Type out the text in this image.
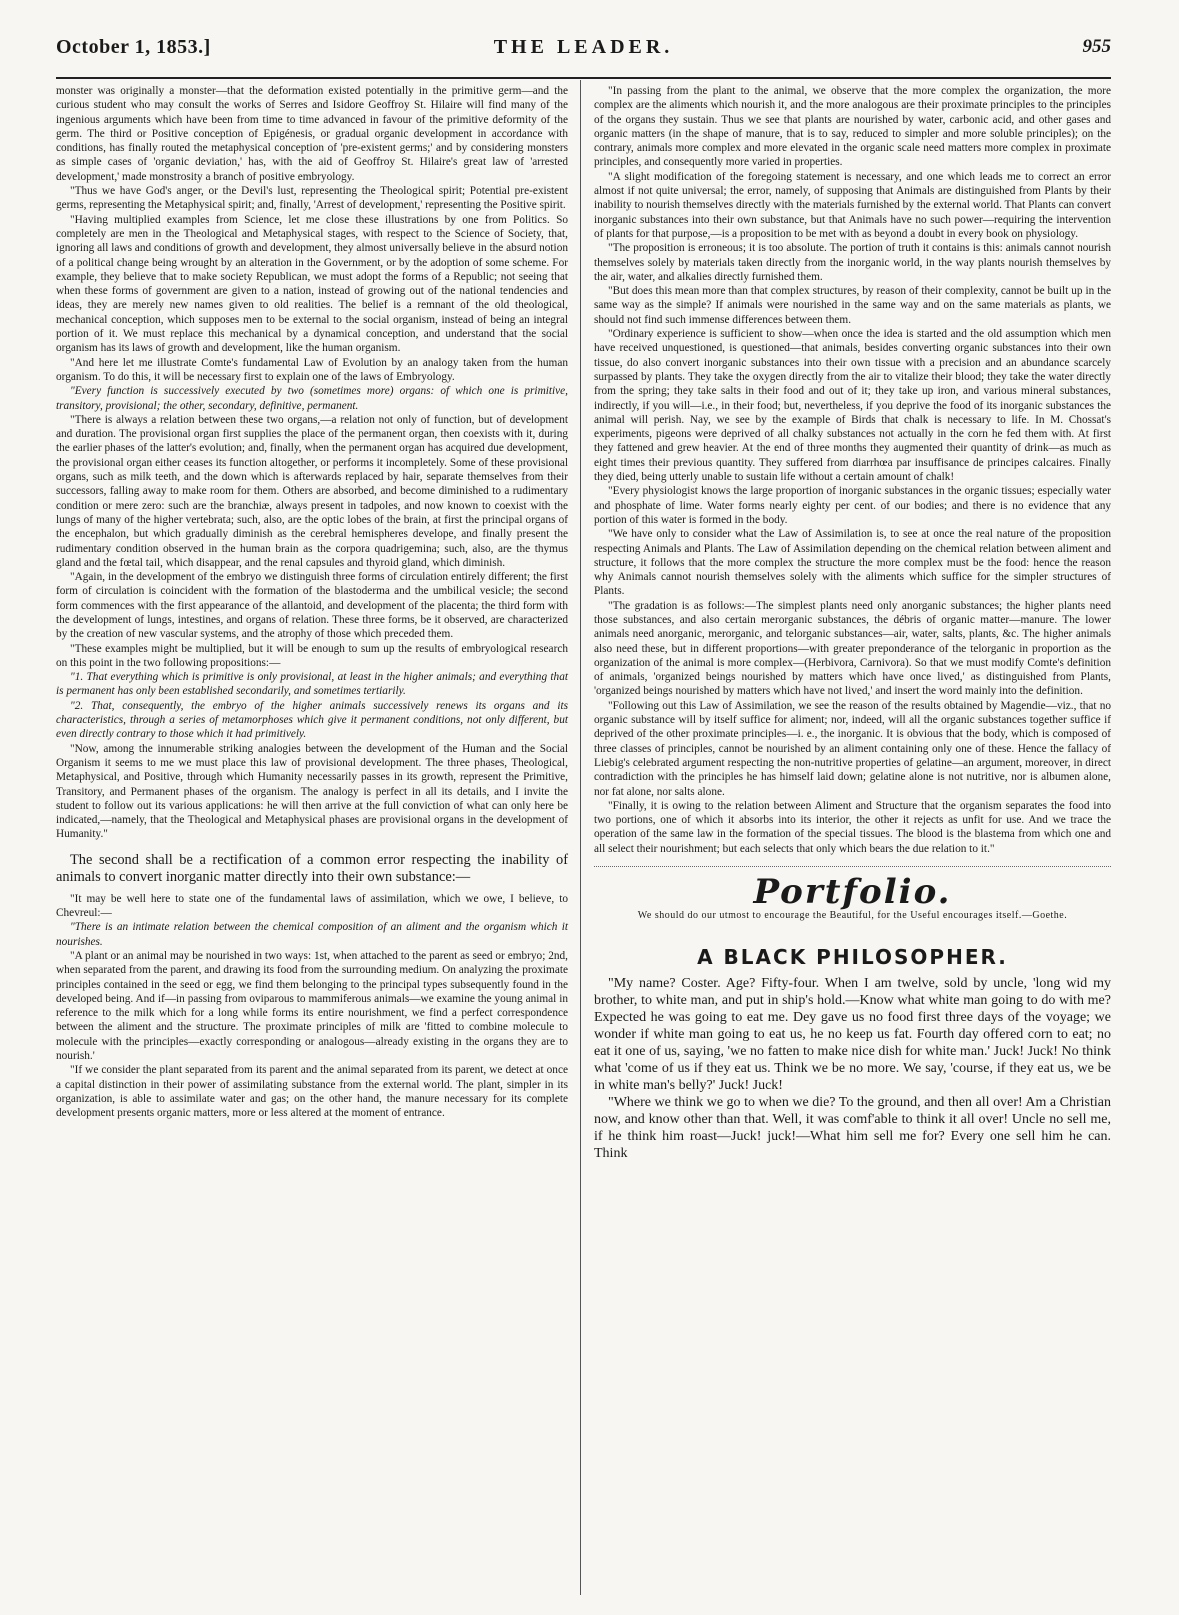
October 1, 1853.]	THE LEADER.	955

monster was originally a monster—that the deformation existed potentially in the primitive germ—and the curious student who may consult the works of Serres and Isidore Geoffroy St. Hilaire will find many of the ingenious arguments which have been from time to time advanced in favour of the primitive deformity of the germ. The third or Positive conception of Epigénesis, or gradual organic development in accordance with conditions, has finally routed the metaphysical conception of 'pre-existent germs;' and by considering monsters as simple cases of 'organic deviation,' has, with the aid of Geoffroy St. Hilaire's great law of 'arrested development,' made monstrosity a branch of positive embryology.

"Thus we have God's anger, or the Devil's lust, representing the Theological spirit; Potential pre-existent germs, representing the Metaphysical spirit; and, finally, 'Arrest of development,' representing the Positive spirit.

"Having multiplied examples from Science, let me close these illustrations by one from Politics. So completely are men in the Theological and Metaphysical stages, with respect to the Science of Society, that, ignoring all laws and conditions of growth and development, they almost universally believe in the absurd notion of a political change being wrought by an alteration in the Government, or by the adoption of some scheme. For example, they believe that to make society Republican, we must adopt the forms of a Republic; not seeing that when these forms of government are given to a nation, instead of growing out of the national tendencies and ideas, they are merely new names given to old realities. The belief is a remnant of the old theological, mechanical conception, which supposes men to be external to the social organism, instead of being an integral portion of it. We must replace this mechanical by a dynamical conception, and understand that the social organism has its laws of growth and development, like the human organism.

"And here let me illustrate Comte's fundamental Law of Evolution by an analogy taken from the human organism. To do this, it will be necessary first to explain one of the laws of Embryology.

"Every function is successively executed by two (sometimes more) organs: of which one is primitive, transitory, provisional; the other, secondary, definitive, permanent.

"There is always a relation between these two organs,—a relation not only of function, but of development and duration. The provisional organ first supplies the place of the permanent organ, then coexists with it, during the earlier phases of the latter's evolution; and, finally, when the permanent organ has acquired due development, the provisional organ either ceases its function altogether, or performs it incompletely. Some of these provisional organs, such as milk teeth, and the down which is afterwards replaced by hair, separate themselves from their successors, falling away to make room for them. Others are absorbed, and become diminished to a rudimentary condition or mere zero: such are the branchiæ, always present in tadpoles, and now known to coexist with the lungs of many of the higher vertebrata; such, also, are the optic lobes of the brain, at first the principal organs of the encephalon, but which gradually diminish as the cerebral hemispheres develope, and finally present the rudimentary condition observed in the human brain as the corpora quadrigemina; such, also, are the thymus gland and the fœtal tail, which disappear, and the renal capsules and thyroid gland, which diminish.

"Again, in the development of the embryo we distinguish three forms of circulation entirely different; the first form of circulation is coincident with the formation of the blastoderma and the umbilical vesicle; the second form commences with the first appearance of the allantoid, and development of the placenta; the third form with the development of lungs, intestines, and organs of relation. These three forms, be it observed, are characterized by the creation of new vascular systems, and the atrophy of those which preceded them.

"These examples might be multiplied, but it will be enough to sum up the results of embryological research on this point in the two following propositions:—

"1. That everything which is primitive is only provisional, at least in the higher animals; and everything that is permanent has only been established secondarily, and sometimes tertiarily.

"2. That, consequently, the embryo of the higher animals successively renews its organs and its characteristics, through a series of metamorphoses which give it permanent conditions, not only different, but even directly contrary to those which it had primitively.

"Now, among the innumerable striking analogies between the development of the Human and the Social Organism it seems to me we must place this law of provisional development. The three phases, Theological, Metaphysical, and Positive, through which Humanity necessarily passes in its growth, represent the Primitive, Transitory, and Permanent phases of the organism. The analogy is perfect in all its details, and I invite the student to follow out its various applications: he will then arrive at the full conviction of what can only here be indicated,—namely, that the Theological and Metaphysical phases are provisional organs in the development of Humanity."

The second shall be a rectification of a common error respecting the inability of animals to convert inorganic matter directly into their own substance:—

"It may be well here to state one of the fundamental laws of assimilation, which we owe, I believe, to Chevreul:—

"There is an intimate relation between the chemical composition of an aliment and the organism which it nourishes.

"A plant or an animal may be nourished in two ways: 1st, when attached to the parent as seed or embryo; 2nd, when separated from the parent, and drawing its food from the surrounding medium. On analyzing the proximate principles contained in the seed or egg, we find them belonging to the principal types subsequently found in the developed being. And if—in passing from oviparous to mammiferous animals—we examine the young animal in reference to the milk which for a long while forms its entire nourishment, we find a perfect correspondence between the aliment and the structure. The proximate principles of milk are 'fitted to combine molecule to molecule with the principles—exactly corresponding or analogous—already existing in the organs they are to nourish.'

"If we consider the plant separated from its parent and the animal separated from its parent, we detect at once a capital distinction in their power of assimilating substance from the external world. The plant, simpler in its organization, is able to assimilate water and gas; on the other hand, the manure necessary for its complete development presents organic matters, more or less altered at the moment of entrance.

"In passing from the plant to the animal, we observe that the more complex the organization, the more complex are the aliments which nourish it, and the more analogous are their proximate principles to the principles of the organs they sustain. Thus we see that plants are nourished by water, carbonic acid, and other gases and organic matters (in the shape of manure, that is to say, reduced to simpler and more soluble principles); on the contrary, animals more complex and more elevated in the organic scale need matters more complex in proximate principles, and consequently more varied in properties.

"A slight modification of the foregoing statement is necessary, and one which leads me to correct an error almost if not quite universal; the error, namely, of supposing that Animals are distinguished from Plants by their inability to nourish themselves directly with the materials furnished by the external world. That Plants can convert inorganic substances into their own substance, but that Animals have no such power—requiring the intervention of plants for that purpose,—is a proposition to be met with as beyond a doubt in every book on physiology.

"The proposition is erroneous; it is too absolute. The portion of truth it contains is this: animals cannot nourish themselves solely by materials taken directly from the inorganic world, in the way plants nourish themselves by the air, water, and alkalies directly furnished them.

"But does this mean more than that complex structures, by reason of their complexity, cannot be built up in the same way as the simple? If animals were nourished in the same way and on the same materials as plants, we should not find such immense differences between them.

"Ordinary experience is sufficient to show—when once the idea is started and the old assumption which men have received unquestioned, is questioned—that animals, besides converting organic substances into their own tissue, do also convert inorganic substances into their own tissue with a precision and an abundance scarcely surpassed by plants. They take the oxygen directly from the air to vitalize their blood; they take the water directly from the spring; they take salts in their food and out of it; they take up iron, and various mineral substances, indirectly, if you will—i.e., in their food; but, nevertheless, if you deprive the food of its inorganic substances the animal will perish. Nay, we see by the example of Birds that chalk is necessary to life. In M. Chossat's experiments, pigeons were deprived of all chalky substances not actually in the corn he fed them with. At first they fattened and grew heavier. At the end of three months they augmented their quantity of drink—as much as eight times their previous quantity. They suffered from diarrhœa par insuffisance de principes calcaires. Finally they died, being utterly unable to sustain life without a certain amount of chalk!

"Every physiologist knows the large proportion of inorganic substances in the organic tissues; especially water and phosphate of lime. Water forms nearly eighty per cent. of our bodies; and there is no evidence that any portion of this water is formed in the body.

"We have only to consider what the Law of Assimilation is, to see at once the real nature of the proposition respecting Animals and Plants. The Law of Assimilation depending on the chemical relation between aliment and structure, it follows that the more complex the structure the more complex must be the food: hence the reason why Animals cannot nourish themselves solely with the aliments which suffice for the simpler structures of Plants.

"The gradation is as follows:—The simplest plants need only anorganic substances; the higher plants need those substances, and also certain merorganic substances, the débris of organic matter—manure. The lower animals need anorganic, merorganic, and telorganic substances—air, water, salts, plants, &c. The higher animals also need these, but in different proportions—with greater preponderance of the telorganic in proportion as the organization of the animal is more complex—(Herbivora, Carnivora). So that we must modify Comte's definition of animals, 'organized beings nourished by matters which have once lived,' as distinguished from Plants, 'organized beings nourished by matters which have not lived,' and insert the word mainly into the definition.

"Following out this Law of Assimilation, we see the reason of the results obtained by Magendie—viz., that no organic substance will by itself suffice for aliment; nor, indeed, will all the organic substances together suffice if deprived of the other proximate principles—i. e., the inorganic. It is obvious that the body, which is composed of three classes of principles, cannot be nourished by an aliment containing only one of these. Hence the fallacy of Liebig's celebrated argument respecting the non-nutritive properties of gelatine—an argument, moreover, in direct contradiction with the principles he has himself laid down; gelatine alone is not nutritive, nor is albumen alone, nor fat alone, nor salts alone.

"Finally, it is owing to the relation between Aliment and Structure that the organism separates the food into two portions, one of which it absorbs into its interior, the other it rejects as unfit for use. And we trace the operation of the same law in the formation of the special tissues. The blood is the blastema from which one and all select their nourishment; but each selects that only which bears the due relation to it."

Portfolio.
We should do our utmost to encourage the Beautiful, for the Useful encourages itself.—Goethe.
A BLACK PHILOSOPHER.

"My name? Coster. Age? Fifty-four. When I am twelve, sold by uncle, 'long wid my brother, to white man, and put in ship's hold.—Know what white man going to do with me? Expected he was going to eat me. Dey gave us no food first three days of the voyage; we wonder if white man going to eat us, he no keep us fat. Fourth day offered corn to eat; no eat it one of us, saying, 'we no fatten to make nice dish for white man.' Juck! Juck! No think what 'come of us if they eat us. Think we be no more. We say, 'course, if they eat us, we be in white man's belly?' Juck! Juck!

"Where we think we go to when we die? To the ground, and then all over! Am a Christian now, and know other than that. Well, it was comf'able to think it all over! Uncle no sell me, if he think him roast—Juck! juck!—What him sell me for? Every one sell him he can. Think
